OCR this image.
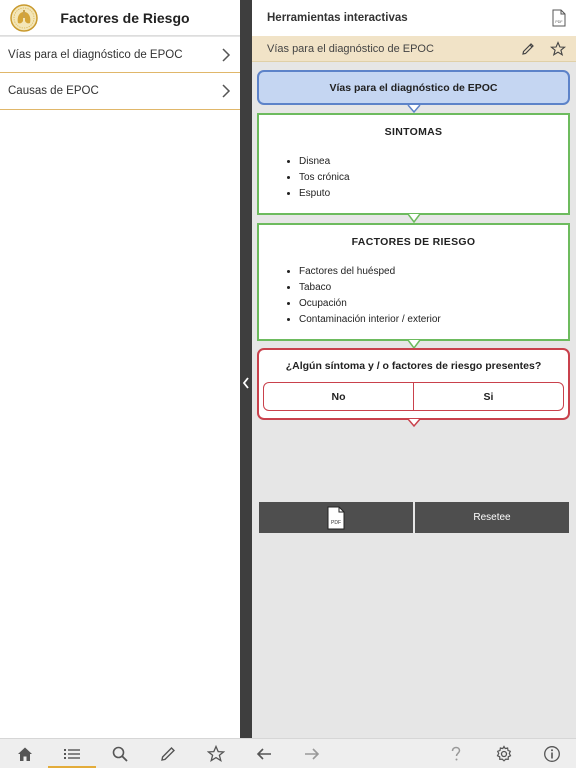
Factores de Riesgo
Vías para el diagnóstico de EPOC
Causas de EPOC
Herramientas interactivas	PDF
Vías para el diagnóstico de EPOC
Vías para el diagnóstico de EPOC
SINTOMAS
• Disnea
• Tos crónica
• Esputo
FACTORES DE RIESGO
• Factores del huésped
• Tabaco
• Ocupación
• Contaminación interior / exterior
¿Algún síntoma y / o factores de riesgo presentes?
No	Si
PDF	Resetee
